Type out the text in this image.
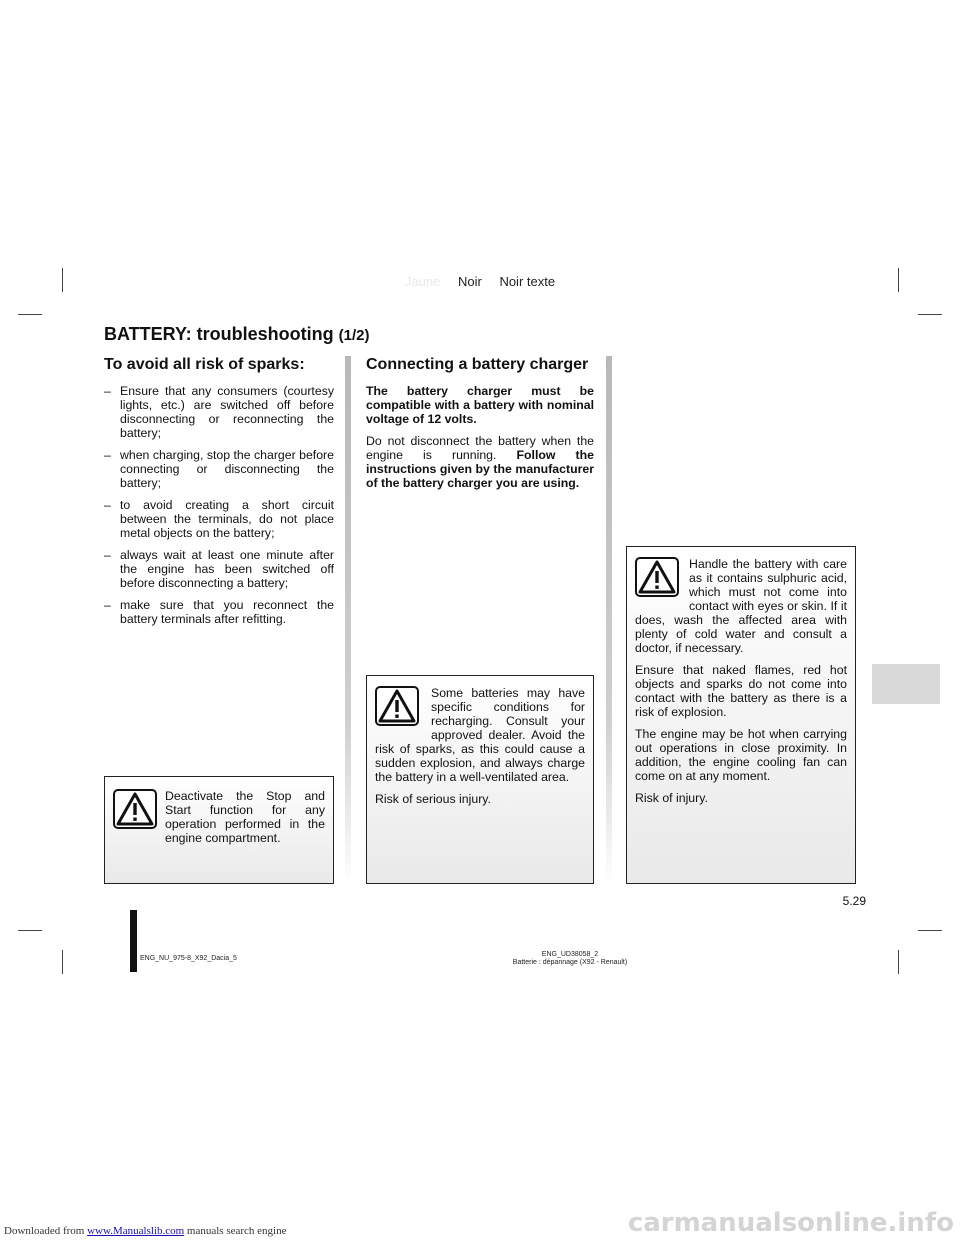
Jaune Noir Noir texte
BATTERY: troubleshooting (1/2)
To avoid all risk of sparks:
– Ensure that any consumers (courtesy lights, etc.) are switched off before disconnecting or reconnecting the battery;
– when charging, stop the charger before connecting or disconnecting the battery;
– to avoid creating a short circuit between the terminals, do not place metal objects on the battery;
– always wait at least one minute after the engine has been switched off before disconnecting a battery;
– make sure that you reconnect the battery terminals after refitting.
Connecting a battery charger

The battery charger must be compatible with a battery with nominal voltage of 12 volts.

Do not disconnect the battery when the engine is running. Follow the instructions given by the manufacturer of the battery charger you are using.

Deactivate the Stop and Start function for any operation performed in the engine compartment.

Some batteries may have specific conditions for recharging. Consult your approved dealer. Avoid the risk of sparks, as this could cause a sudden explosion, and always charge the battery in a well-ventilated area.

Risk of serious injury.

Handle the battery with care as it contains sulphuric acid, which must not come into contact with eyes or skin. If it does, wash the affected area with plenty of cold water and consult a doctor, if necessary.

Ensure that naked flames, red hot objects and sparks do not come into contact with the battery as there is a risk of explosion.

The engine may be hot when carrying out operations in close proximity. In addition, the engine cooling fan can come on at any moment.

Risk of injury.

5.29
ENG_NU_975-8_X92_Dacia_5
ENG_UD38058_2
Batterie : dépannage (X92 - Renault)
Downloaded from www.Manualslib.com manuals search engine	carmanualsonline.info
